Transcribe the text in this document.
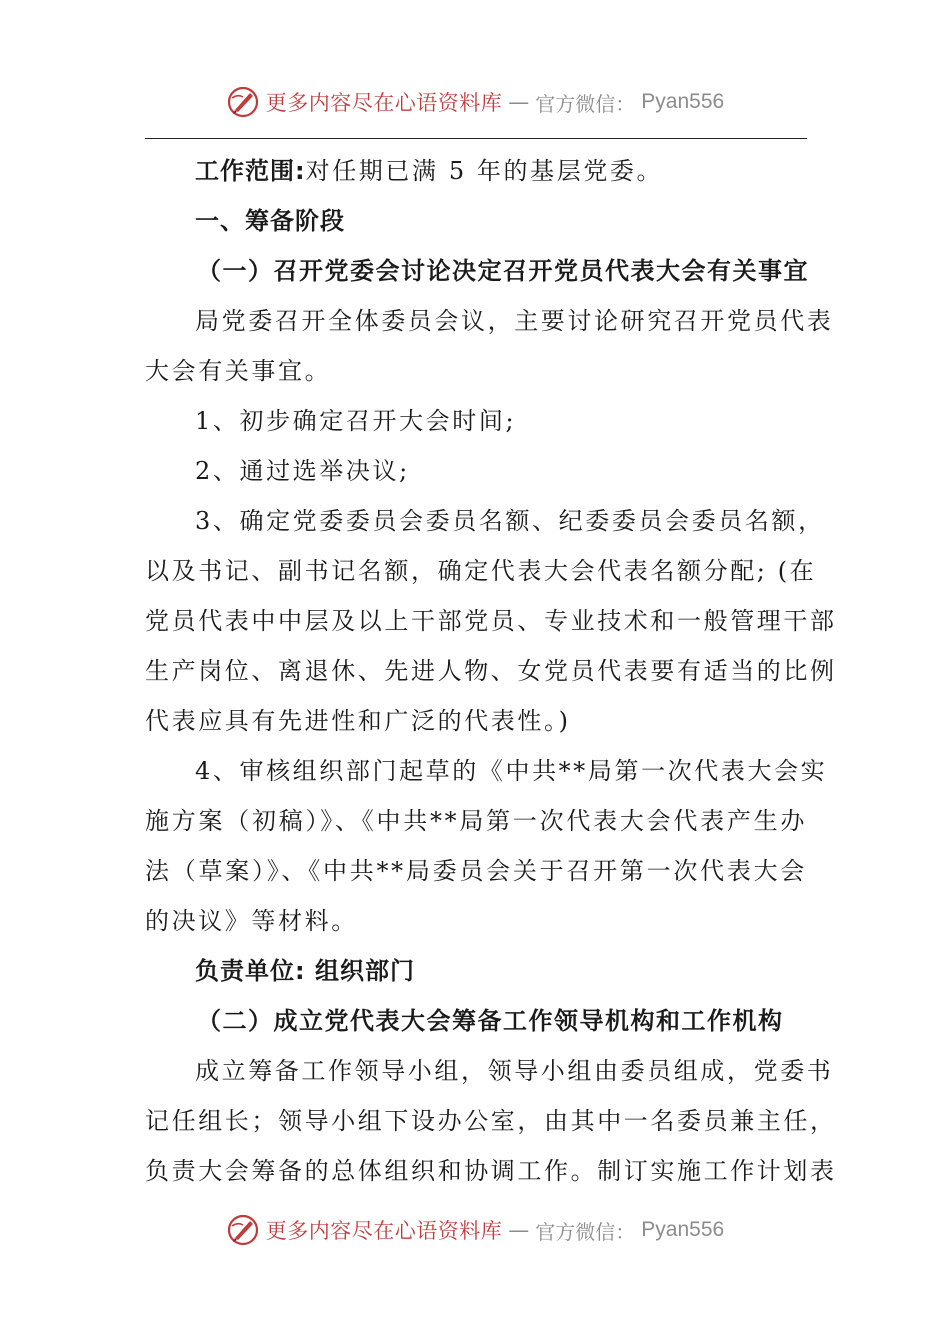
更多内容尽在心语资料库 — 官方微信： Pyan556
工作范围:对任期已满 5 年的基层党委。
一、筹备阶段
（一）召开党委会讨论决定召开党员代表大会有关事宜
局党委召开全体委员会议，主要讨论研究召开党员代表
大会有关事宜。
1、初步确定召开大会时间;
2、通过选举决议;
3、确定党委委员会委员名额、纪委委员会委员名额，
以及书记、副书记名额，确定代表大会代表名额分配; (在
党员代表中中层及以上干部党员、专业技术和一般管理干部
生产岗位、离退休、先进人物、女党员代表要有适当的比例
代表应具有先进性和广泛的代表性。)
4、审核组织部门起草的《中共**局第一次代表大会实
施方案（初稿）》、《中共**局第一次代表大会代表产生办
法（草案）》、《中共**局委员会关于召开第一次代表大会
的决议》等材料。
负责单位: 组织部门
（二）成立党代表大会筹备工作领导机构和工作机构
成立筹备工作领导小组，领导小组由委员组成，党委书
记任组长；领导小组下设办公室，由其中一名委员兼主任，
负责大会筹备的总体组织和协调工作。制订实施工作计划表
更多内容尽在心语资料库 — 官方微信： Pyan556
